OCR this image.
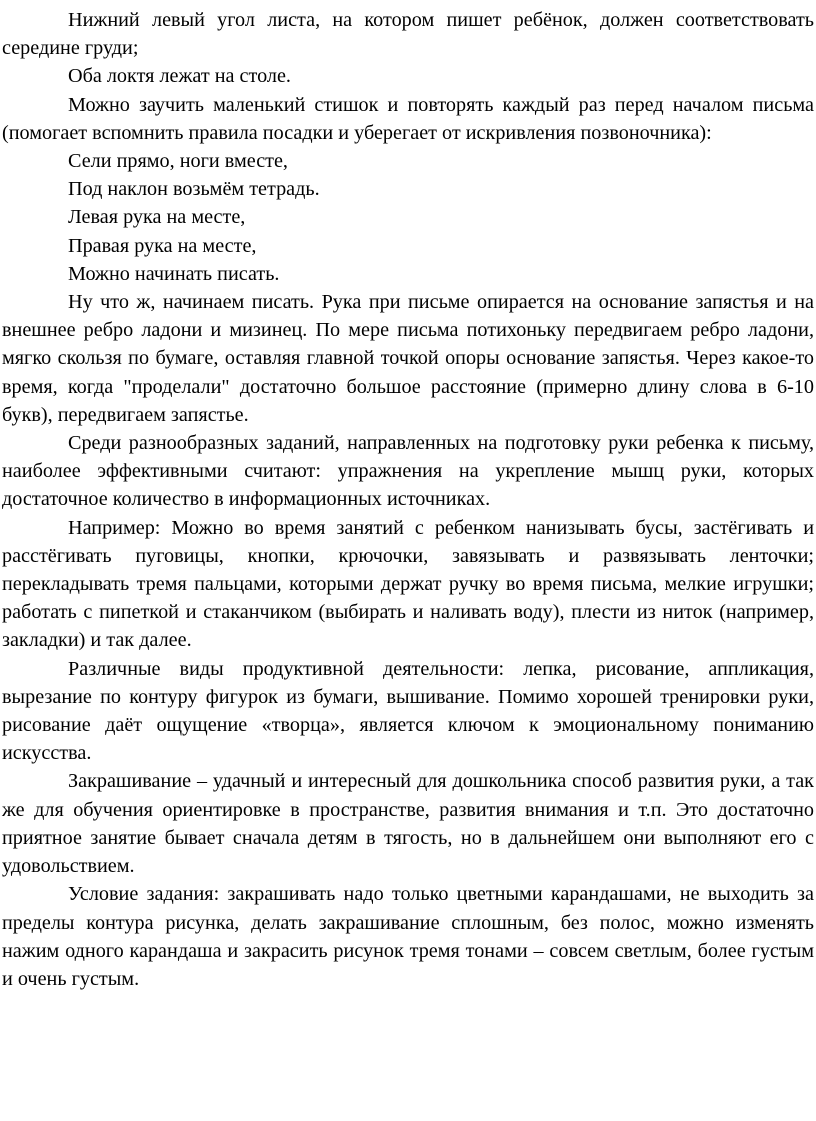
Нижний левый угол листа, на котором пишет ребёнок, должен соответствовать середине груди;

Оба локтя лежат на столе.

Можно заучить маленький стишок и повторять каждый раз перед началом письма (помогает вспомнить правила посадки и уберегает от искривления позвоночника):

Сели прямо, ноги вместе,

Под наклон возьмём тетрадь.

Левая рука на месте,

Правая рука на месте,

Можно начинать писать.

Ну что ж, начинаем писать. Рука при письме опирается на основание запястья и на внешнее ребро ладони и мизинец. По мере письма потихоньку передвигаем ребро ладони, мягко скользя по бумаге, оставляя главной точкой опоры основание запястья. Через какое-то время, когда "проделали" достаточно большое расстояние (примерно длину слова в 6-10 букв), передвигаем запястье.

Среди разнообразных заданий, направленных на подготовку руки ребенка к письму, наиболее эффективными считают: упражнения на укрепление мышц руки, которых достаточное количество в информационных источниках.

Например: Можно во время занятий с ребенком нанизывать бусы, застёгивать и расстёгивать пуговицы, кнопки, крючочки, завязывать и развязывать ленточки; перекладывать тремя пальцами, которыми держат ручку во время письма, мелкие игрушки; работать с пипеткой и стаканчиком (выбирать и наливать воду), плести из ниток (например, закладки) и так далее.

Различные виды продуктивной деятельности: лепка, рисование, аппликация, вырезание по контуру фигурок из бумаги, вышивание. Помимо хорошей тренировки руки, рисование даёт ощущение «творца», является ключом к эмоциональному пониманию искусства.

Закрашивание – удачный и интересный для дошкольника способ развития руки, а так же для обучения ориентировке в пространстве, развития внимания и т.п. Это достаточно приятное занятие бывает сначала детям в тягость, но в дальнейшем они выполняют его с удовольствием.

Условие задания: закрашивать надо только цветными карандашами, не выходить за пределы контура рисунка, делать закрашивание сплошным, без полос, можно изменять нажим одного карандаша и закрасить рисунок тремя тонами – совсем светлым, более густым и очень густым.
